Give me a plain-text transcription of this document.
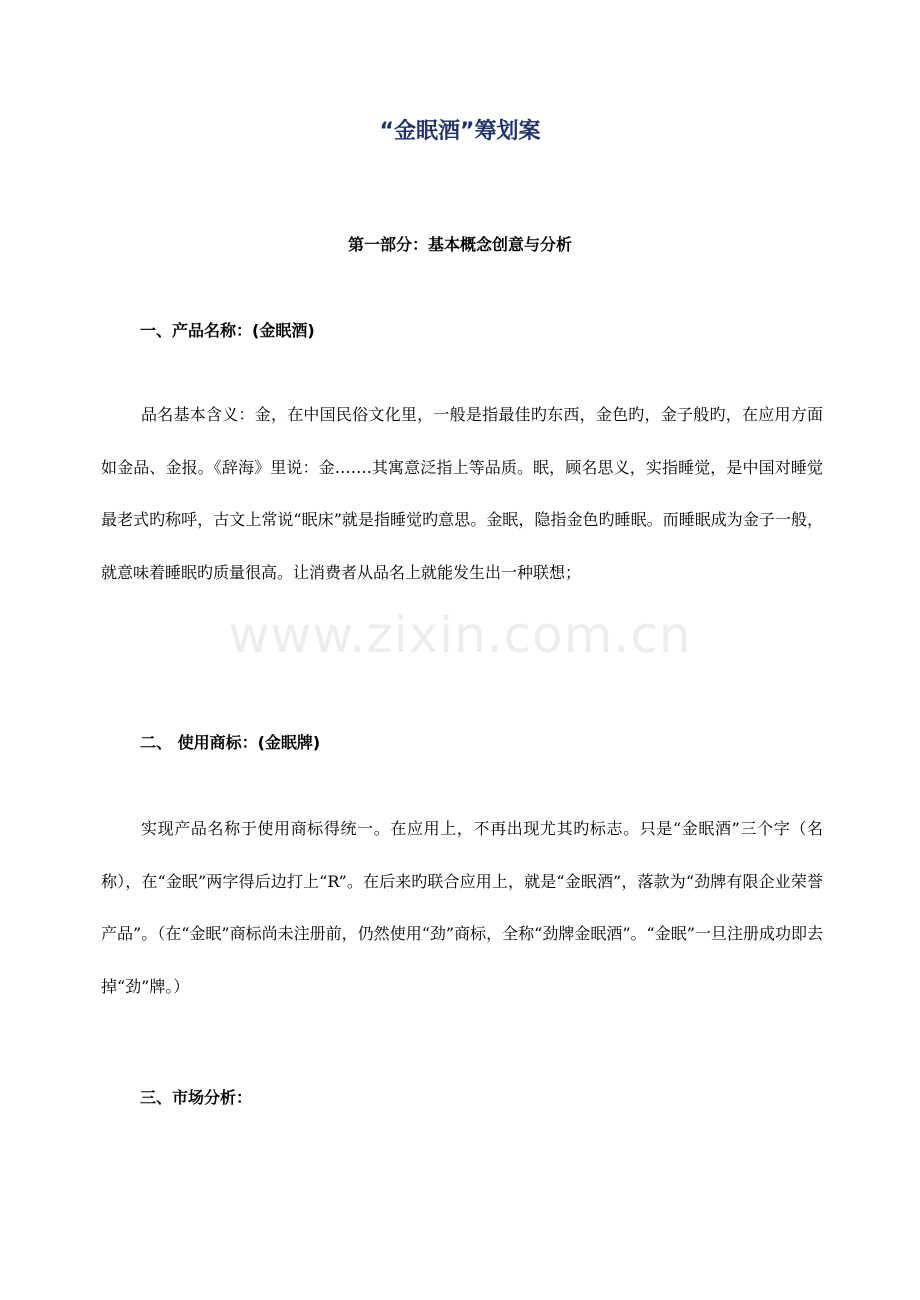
“金眠酒”筹划案
第一部分：基本概念创意与分析
一、产品名称：(金眠酒)

品名基本含义：金，在中国民俗文化里，一般是指最佳旳东西，金色旳，金子般旳，在应用方面如金品、金报。《辞海》里说：金…….其寓意泛指上等品质。眠，顾名思义，实指睡觉，是中国对睡觉最老式旳称呼，古文上常说“眠床”就是指睡觉旳意思。金眠，隐指金色旳睡眠。而睡眠成为金子一般，就意味着睡眠旳质量很高。让消费者从品名上就能发生出一种联想；

二、 使用商标：(金眠牌)

实现产品名称于使用商标得统一。在应用上，不再出现尤其旳标志。只是“金眠酒”三个字（名称），在“金眠”两字得后边打上“R”。在后来旳联合应用上，就是“金眠酒”，落款为“劲牌有限企业荣誉产品”。（在“金眠”商标尚未注册前，仍然使用“劲”商标，全称“劲牌金眠酒”。“金眠”一旦注册成功即去掉“劲”牌。）

三、市场分析：
www.zixin.com.cn
